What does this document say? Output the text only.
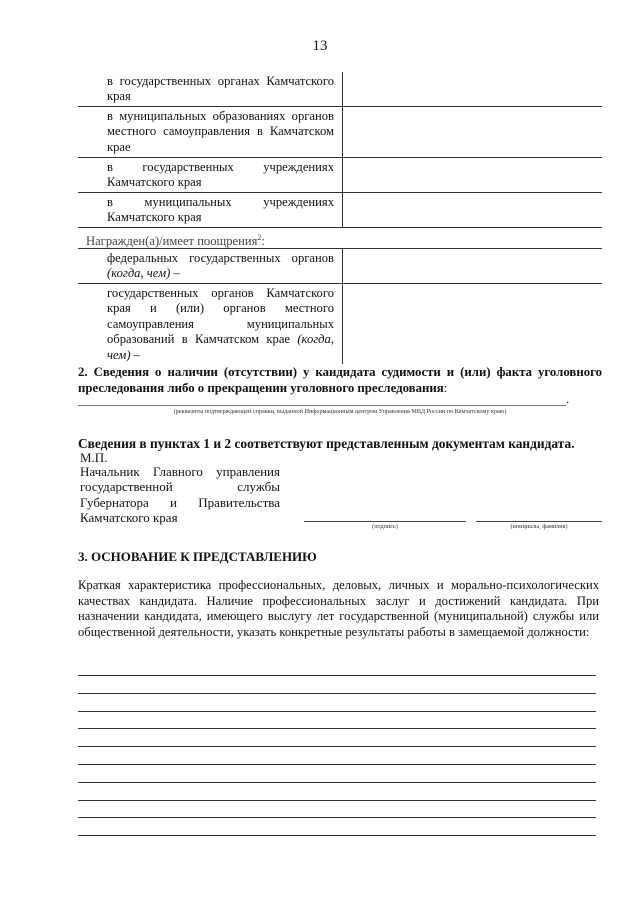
13
в государственных органах Камчатского края
в муниципальных образованиях органов местного самоуправления в Камчатском крае
в государственных учреждениях Камчатского края
в муниципальных учреждениях Камчатского края
Награжден(а)/имеет поощрения$^2$:
федеральных государственных органов (когда, чем) –
государственных органов Камчатского края и (или) органов местного самоуправления муниципальных образований в Камчатском крае (когда, чем) –
2. Сведения о наличии (отсутствии) у кандидата судимости и (или) факта уголовного преследования либо о прекращении уголовного преследования:
.
(реквизиты подтверждающей справки, выданной Информационным центром Управления МВД России по Камчатскому краю)
Сведения в пунктах 1 и 2 соответствуют представленным документам кандидата.
М.П.
Начальник Главного управления государственной службы Губернатора и Правительства Камчатского края
(подпись)	(инициалы, фамилия)
3. ОСНОВАНИЕ К ПРЕДСТАВЛЕНИЮ
Краткая характеристика профессиональных, деловых, личных и морально-психологических качествах кандидата. Наличие профессиональных заслуг и достижений кандидата. При назначении кандидата, имеющего выслугу лет государственной (муниципальной) службы или общественной деятельности, указать конкретные результаты работы в замещаемой должности:
